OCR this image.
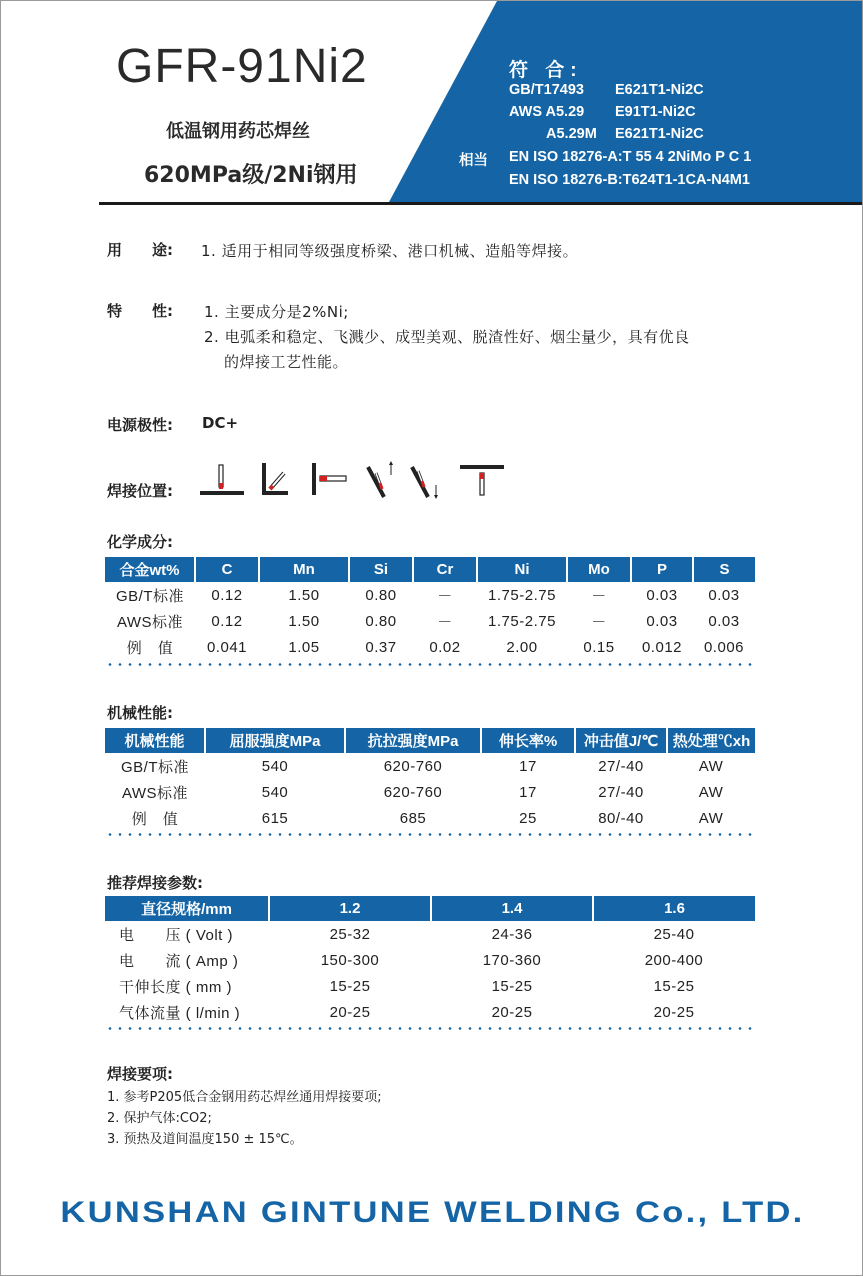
GFR-91Ni2
低温钢用药芯焊丝
620MPa级/2Ni钢用
符 合:
GB/T17493 E621T1-Ni2C
AWS A5.29 E91T1-Ni2C
A5.29M E621T1-Ni2C
相当 EN ISO 18276-A:T 55 4 2NiMo P C 1
EN ISO 18276-B:T624T1-1CA-N4M1
用　　途: 1. 适用于相同等级强度桥梁、港口机械、造船等焊接。
特　　性: 1. 主要成分是2%Ni;
2. 电弧柔和稳定、飞溅少、成型美观、脱渣性好、烟尘量少，具有优良
的焊接工艺性能。
电源极性: DC+
焊接位置:
化学成分:
合金wt%	C	Mn	Si	Cr	Ni	Mo	P	S
GB/T标准	0.12	1.50	0.80	－	1.75-2.75	－	0.03	0.03
AWS标准	0.12	1.50	0.80	－	1.75-2.75	－	0.03	0.03
例　值	0.041	1.05	0.37	0.02	2.00	0.15	0.012	0.006
机械性能:
机械性能	屈服强度MPa	抗拉强度MPa	伸长率%	冲击值J/℃	热处理℃xh
GB/T标准	540	620-760	17	27/-40	AW
AWS标准	540	620-760	17	27/-40	AW
例　值	615	685	25	80/-40	AW
推荐焊接参数:
直径规格/mm	1.2	1.4	1.6
电　　压 ( Volt )	25-32	24-36	25-40
电　　流 ( Amp )	150-300	170-360	200-400
干伸长度 ( mm )	15-25	15-25	15-25
气体流量 ( l/min )	20-25	20-25	20-25
焊接要项:
1. 参考P205低合金钢用药芯焊丝通用焊接要项;
2. 保护气体:CO2;
3. 预热及道间温度150 ± 15℃。
KUNSHAN GINTUNE WELDING Co., LTD.
